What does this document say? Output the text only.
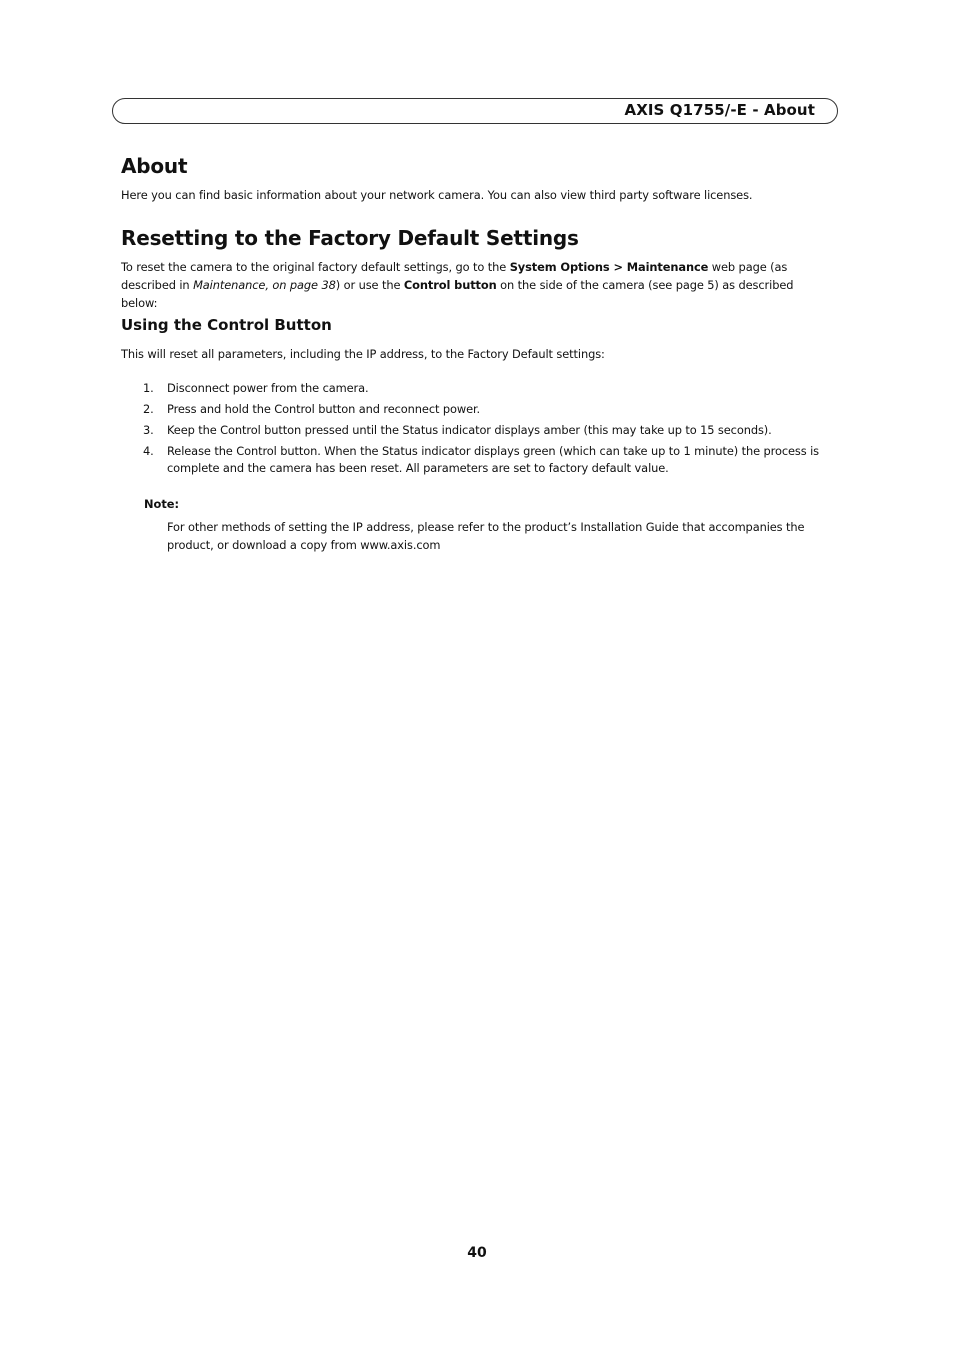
AXIS Q1755/-E - About
About

Here you can find basic information about your network camera. You can also view third party software licenses.

Resetting to the Factory Default Settings

To reset the camera to the original factory default settings, go to the System Options > Maintenance web page (as described in Maintenance, on page 38) or use the Control button on the side of the camera (see page 5) as described below:

Using the Control Button

This will reset all parameters, including the IP address, to the Factory Default settings:

1. Disconnect power from the camera.
2. Press and hold the Control button and reconnect power.
3. Keep the Control button pressed until the Status indicator displays amber (this may take up to 15 seconds).
4. Release the Control button. When the Status indicator displays green (which can take up to 1 minute) the process is complete and the camera has been reset. All parameters are set to factory default value.
Note:

For other methods of setting the IP address, please refer to the product’s Installation Guide that accompanies the product, or download a copy from www.axis.com

40
